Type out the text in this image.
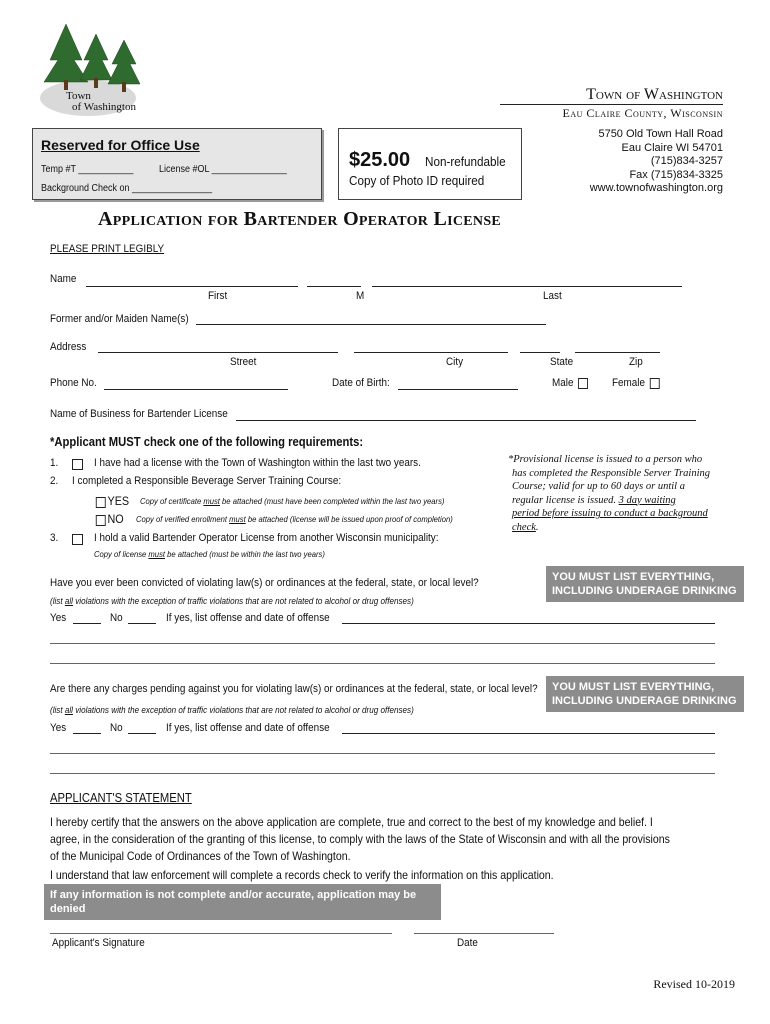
Town
of Washington
Town of Washington
Eau Claire County, Wisconsin
Reserved for Office Use
Temp #T ___________	License #OL _______________
Background Check on ________________
$25.00 Non-refundable
Copy of Photo ID required
5750 Old Town Hall Road
Eau Claire WI 54701
(715)834-3257
Fax (715)834-3325
www.townofwashington.org
Application for Bartender Operator License
PLEASE PRINT LEGIBLY
Name
First	M	Last
Former and/or Maiden Name(s)
Address
Street	City	State	Zip
Phone No.	Date of Birth:	Male	Female
Name of Business for Bartender License
*Applicant MUST check one of the following requirements:
1.	I have had a license with the Town of Washington within the last two years.
2. I completed a Responsible Beverage Server Training Course:
YES Copy of certificate must be attached (must have been completed within the last two years)
NO Copy of verified enrollment must be attached (license will be issued upon proof of completion)
3.	I hold a valid Bartender Operator License from another Wisconsin municipality:
Copy of license must be attached (must be within the last two years)
*Provisional license is issued to a person who
has completed the Responsible Server Training
Course; valid for up to 60 days or until a
regular license is issued. 3 day waiting
period before issuing to conduct a background
check.
YOU MUST LIST EVERYTHING,
INCLUDING UNDERAGE DRINKING
Have you ever been convicted of violating law(s) or ordinances at the federal, state, or local level?
(list all violations with the exception of traffic violations that are not related to alcohol or drug offenses)
Yes	No	If yes, list offense and date of offense
YOU MUST LIST EVERYTHING,
INCLUDING UNDERAGE DRINKING
Are there any charges pending against you for violating law(s) or ordinances at the federal, state, or local level?
(list all violations with the exception of traffic violations that are not related to alcohol or drug offenses)
Yes	No	If yes, list offense and date of offense
APPLICANT'S STATEMENT
I hereby certify that the answers on the above application are complete, true and correct to the best of my knowledge and belief. I
agree, in the consideration of the granting of this license, to comply with the laws of the State of Wisconsin and with all the provisions
of the Municipal Code of Ordinances of the Town of Washington.
I understand that law enforcement will complete a records check to verify the information on this application.
If any information is not complete and/or accurate, application may be denied
Applicant's Signature	Date
Revised 10-2019
